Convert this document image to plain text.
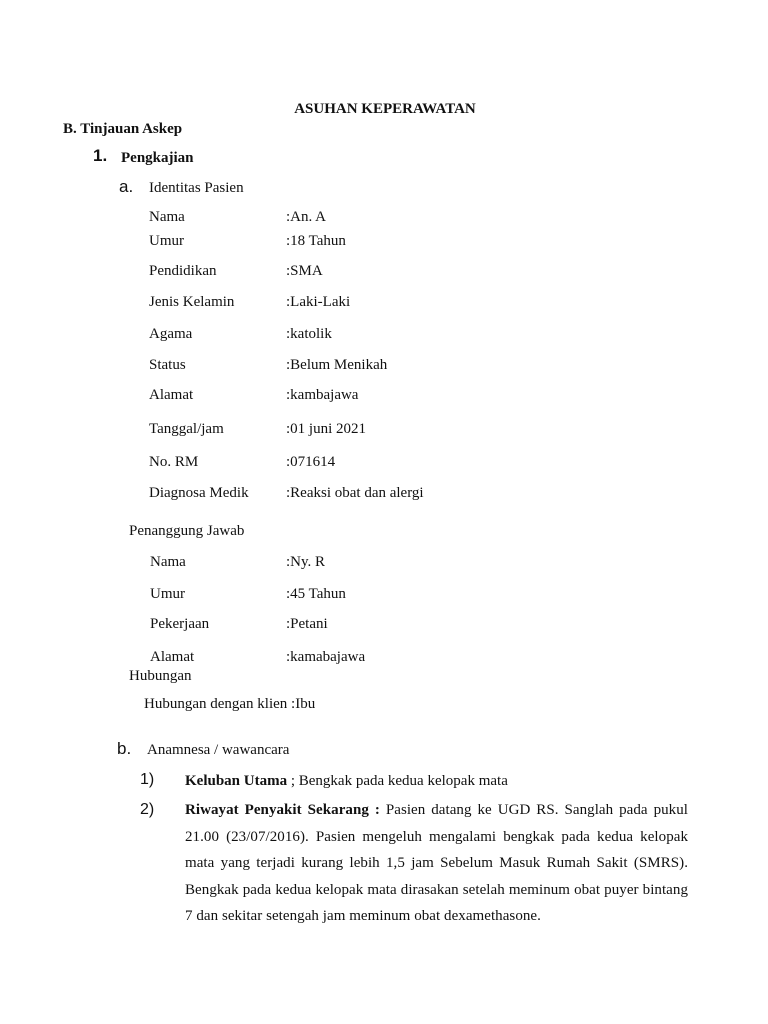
ASUHAN KEPERAWATAN
B. Tinjauan Askep
1. Pengkajian
a. Identitas Pasien
Nama	:An. A
Umur	:18 Tahun
Pendidikan	:SMA
Jenis Kelamin	:Laki-Laki
Agama	:katolik
Status	:Belum Menikah
Alamat	:kambajawa
Tanggal/jam	:01 juni 2021
No. RM	:071614
Diagnosa Medik :Reaksi obat dan alergi
Penanggung Jawab
Nama	:Ny. R
Umur	:45 Tahun
Pekerjaan	:Petani
Alamat	:kamabajawa
Hubungan
Hubungan dengan klien :Ibu
b. Anamnesa / wawancara
1) Keluban Utama ; Bengkak pada kedua kelopak mata
2) Riwayat Penyakit Sekarang : Pasien datang ke UGD RS. Sanglah pada pukul 21.00 (23/07/2016). Pasien mengeluh mengalami bengkak pada kedua kelopak mata yang terjadi kurang lebih 1,5 jam Sebelum Masuk Rumah Sakit (SMRS). Bengkak pada kedua kelopak mata dirasakan setelah meminum obat puyer bintang 7 dan sekitar setengah jam meminum obat dexamethasone.
